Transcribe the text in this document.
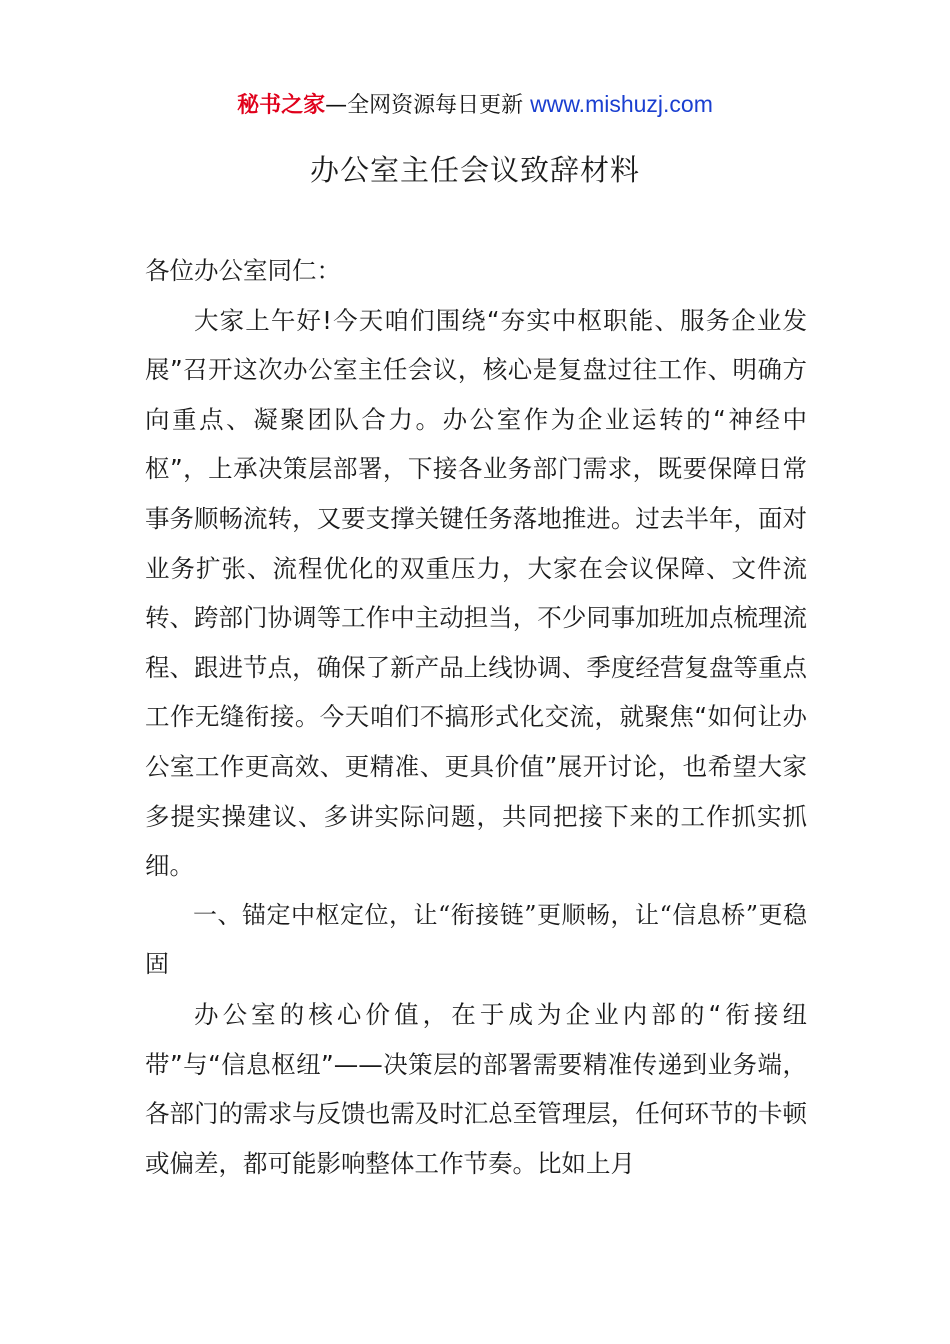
秘书之家—全网资源每日更新 www.mishuzj.com
办公室主任会议致辞材料

各位办公室同仁：

大家上午好!今天咱们围绕“夯实中枢职能、服务企业发展”召开这次办公室主任会议，核心是复盘过往工作、明确方向重点、凝聚团队合力。办公室作为企业运转的“神经中枢”，上承决策层部署，下接各业务部门需求，既要保障日常事务顺畅流转，又要支撑关键任务落地推进。过去半年，面对业务扩张、流程优化的双重压力，大家在会议保障、文件流转、跨部门协调等工作中主动担当，不少同事加班加点梳理流程、跟进节点，确保了新产品上线协调、季度经营复盘等重点工作无缝衔接。今天咱们不搞形式化交流，就聚焦“如何让办公室工作更高效、更精准、更具价值”展开讨论，也希望大家多提实操建议、多讲实际问题，共同把接下来的工作抓实抓细。

一、锚定中枢定位，让“衔接链”更顺畅，让“信息桥”更稳固

办公室的核心价值，在于成为企业内部的“衔接纽带”与“信息枢纽”——决策层的部署需要精准传递到业务端，各部门的需求与反馈也需及时汇总至管理层，任何环节的卡顿或偏差，都可能影响整体工作节奏。比如上月
